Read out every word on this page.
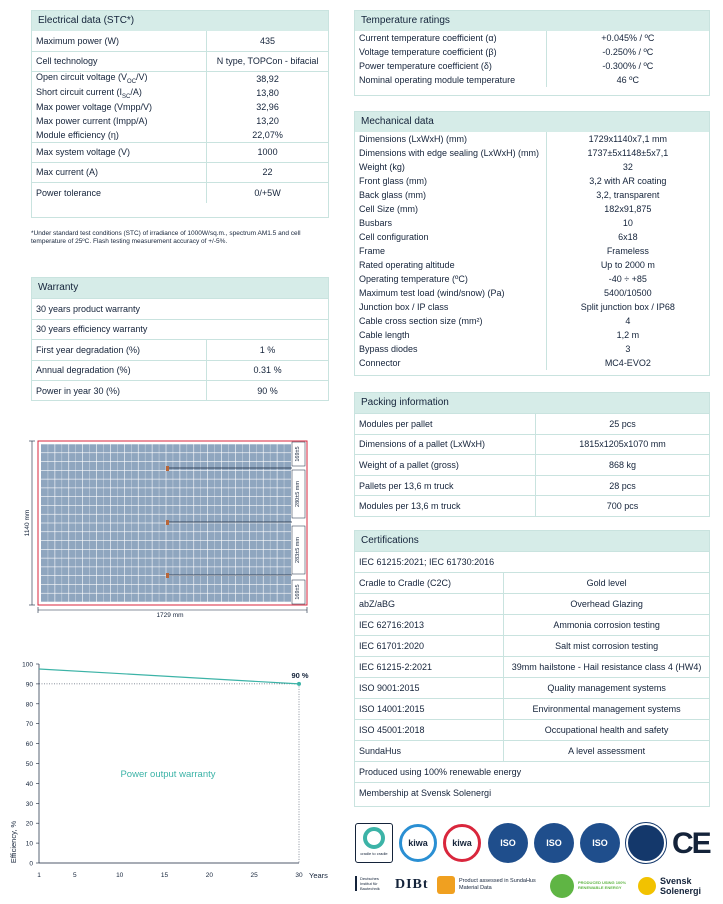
Electrical data (STC*)
Maximum power (W)	435
Cell technology	N type, TOPCon - bifacial
Open circuit voltage $(V_{OC}/V)$	38,92
Short circuit current $(I_{SC}/A)$	13,80
Max power voltage (Vmpp/V)	32,96
Max power current (Impp/A)	13,20
Module efficiency (η)	22,07%
Max system voltage (V)	1000
Max current (A)	22
Power tolerance	0/+5W
*Under standard test conditions (STC) of irradiance of 1000W/sq.m., spectrum AM1.5 and cell temperature of 25ºC. Flash testing measurement accuracy of +/-5%.
Warranty
30 years product warranty	
30 years efficiency warranty	
First year degradation (%)	1 %
Annual degradation (%)	0.31 %
Power in year 30 (%)	90 %
Temperature ratings
Current temperature coefficient (α)	+0.045% / ºC
Voltage temperature coefficient (β)	-0.250% / ºC
Power temperature coefficient (δ)	-0.300% / ºC
Nominal operating module temperature	46 ºC
Mechanical data
Dimensions (LxWxH) (mm)	1729x1140x7,1 mm
Dimensions with edge sealing (LxWxH) (mm)	1737±5x1148±5x7,1
Weight (kg)	32
Front glass (mm)	3,2 with AR coating
Back glass (mm)	3,2, transparent
Cell Size (mm)	182x91,875
Busbars	10
Cell configuration	6x18
Frame	Frameless
Rated operating altitude	Up to 2000 m
Operating temperature (ºC)	-40 ÷ +85
Maximum test load (wind/snow) (Pa)	5400/10500
Junction box / IP class	Split junction box / IP68
Cable cross section size (mm²)	4
Cable length	1,2 m
Bypass diodes	3
Connector	MC4-EVO2
Packing information
Modules per pallet	25 pcs
Dimensions of a pallet (LxWxH)	1815x1205x1070 mm
Weight of a pallet (gross)	868 kg
Pallets per 13,6 m truck	28 pcs
Modules per 13,6 m truck	700 pcs
Certifications
IEC 61215:2021; IEC 61730:2016	
Cradle to Cradle (C2C)	Gold level
abZ/aBG	Overhead Glazing
IEC 62716:2013	Ammonia corrosion testing
IEC 61701:2020	Salt mist corrosion testing
IEC 61215-2:2021	39mm hailstone - Hail resistance class 4 (HW4)
ISO 9001:2015	Quality management systems
ISO 14001:2015	Environmental management systems
ISO 45001:2018	Occupational health and safety
SundaHus	A level assessment
Produced using 100% renewable energy	
Membership at Svensk Solenergi	
1140 mm
1729 mm
169±5
280±5 mm
283±5 mm
169±5
0
10
20
30
40
50
60
70
80
90
100
1	5	10	15	20	25	30
90 %
Power output warranty
Years
Efficiency, %	cradle to cradle
kiwa	kiwa	ISO	ISO	ISO	CE
Deutsches Institut für Bautechnik	DIBt	Product assessed in SundaHus Material Data
PRODUCED USING 100% RENEWABLE ENERGY
Svensk
Solenergi
